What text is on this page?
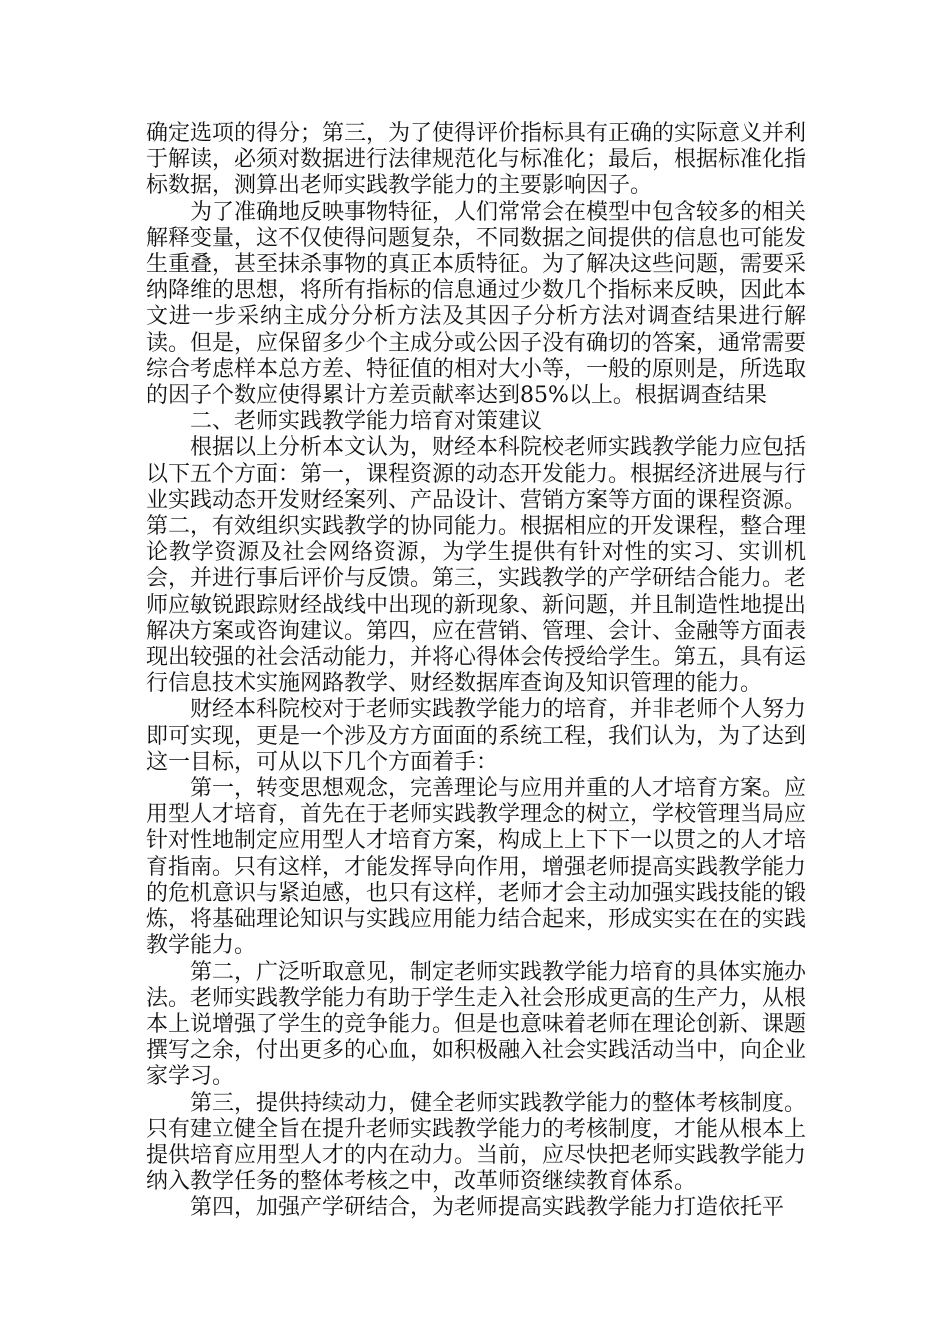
确定选项的得分；第三，为了使得评价指标具有正确的实际意义并利于解读，必须对数据进行法律规范化与标准化；最后，根据标准化指标数据，测算出老师实践教学能力的主要影响因子。

为了准确地反映事物特征，人们常常会在模型中包含较多的相关解释变量，这不仅使得问题复杂，不同数据之间提供的信息也可能发生重叠，甚至抹杀事物的真正本质特征。为了解决这些问题，需要采纳降维的思想，将所有指标的信息通过少数几个指标来反映，因此本文进一步采纳主成分分析方法及其因子分析方法对调查结果进行解读。但是，应保留多少个主成分或公因子没有确切的答案，通常需要综合考虑样本总方差、特征值的相对大小等，一般的原则是，所选取的因子个数应使得累计方差贡献率达到85%以上。根据调查结果

二、老师实践教学能力培育对策建议

根据以上分析本文认为，财经本科院校老师实践教学能力应包括以下五个方面：第一，课程资源的动态开发能力。根据经济进展与行业实践动态开发财经案列、产品设计、营销方案等方面的课程资源。第二，有效组织实践教学的协同能力。根据相应的开发课程，整合理论教学资源及社会网络资源，为学生提供有针对性的实习、实训机会，并进行事后评价与反馈。第三，实践教学的产学研结合能力。老师应敏锐跟踪财经战线中出现的新现象、新问题，并且制造性地提出解决方案或咨询建议。第四，应在营销、管理、会计、金融等方面表现出较强的社会活动能力，并将心得体会传授给学生。第五，具有运行信息技术实施网路教学、财经数据库查询及知识管理的能力。

财经本科院校对于老师实践教学能力的培育，并非老师个人努力即可实现，更是一个涉及方方面面的系统工程，我们认为，为了达到这一目标，可从以下几个方面着手：

第一，转变思想观念，完善理论与应用并重的人才培育方案。应用型人才培育，首先在于老师实践教学理念的树立，学校管理当局应针对性地制定应用型人才培育方案，构成上上下下一以贯之的人才培育指南。只有这样，才能发挥导向作用，增强老师提高实践教学能力的危机意识与紧迫感，也只有这样，老师才会主动加强实践技能的锻炼，将基础理论知识与实践应用能力结合起来，形成实实在在的实践教学能力。

第二，广泛听取意见，制定老师实践教学能力培育的具体实施办法。老师实践教学能力有助于学生走入社会形成更高的生产力，从根本上说增强了学生的竞争能力。但是也意味着老师在理论创新、课题撰写之余，付出更多的心血，如积极融入社会实践活动当中，向企业家学习。

第三，提供持续动力，健全老师实践教学能力的整体考核制度。只有建立健全旨在提升老师实践教学能力的考核制度，才能从根本上提供培育应用型人才的内在动力。当前，应尽快把老师实践教学能力纳入教学任务的整体考核之中，改革师资继续教育体系。

第四，加强产学研结合，为老师提高实践教学能力打造依托平
